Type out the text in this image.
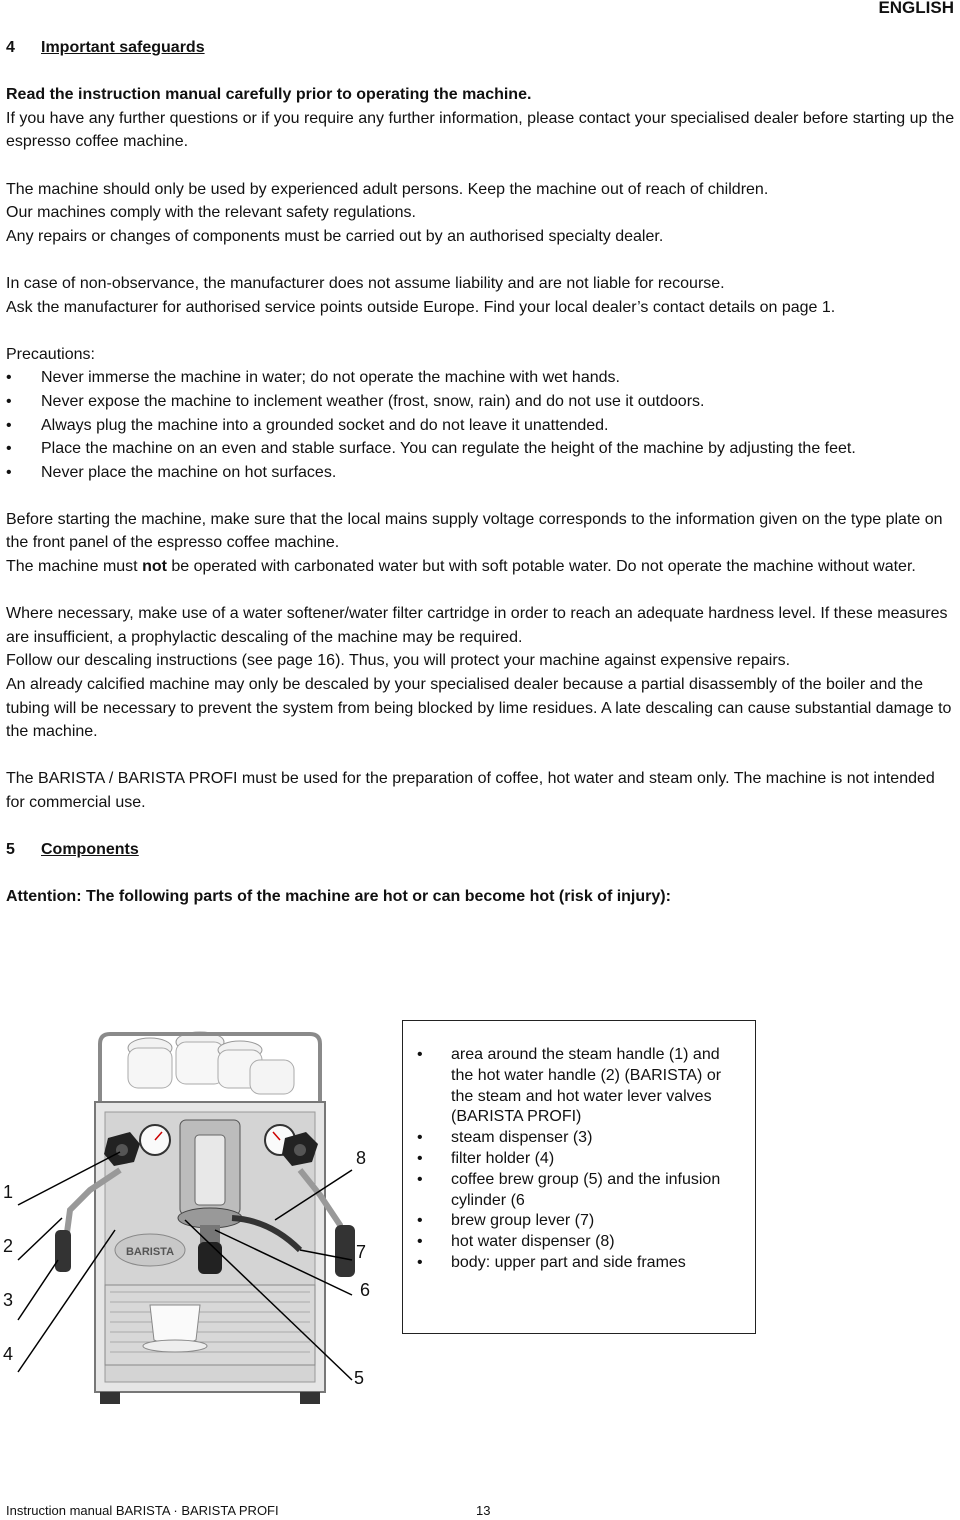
ENGLISH
4 Important safeguards

Read the instruction manual carefully prior to operating the machine.
If you have any further questions or if you require any further information, please contact your specialised dealer before starting up the espresso coffee machine.

The machine should only be used by experienced adult persons. Keep the machine out of reach of children.
Our machines comply with the relevant safety regulations.
Any repairs or changes of components must be carried out by an authorised specialty dealer.

In case of non-observance, the manufacturer does not assume liability and are not liable for recourse.
Ask the manufacturer for authorised service points outside Europe. Find your local dealer’s contact details on page 1.

Precautions:

• Never immerse the machine in water; do not operate the machine with wet hands.
• Never expose the machine to inclement weather (frost, snow, rain) and do not use it outdoors.
• Always plug the machine into a grounded socket and do not leave it unattended.
• Place the machine on an even and stable surface. You can regulate the height of the machine by adjusting the feet.
• Never place the machine on hot surfaces.

Before starting the machine, make sure that the local mains supply voltage corresponds to the information given on the type plate on the front panel of the espresso coffee machine.
The machine must not be operated with carbonated water but with soft potable water. Do not operate the machine without water.

Where necessary, make use of a water softener/water filter cartridge in order to reach an adequate hardness level. If these measures are insufficient, a prophylactic descaling of the machine may be required.
Follow our descaling instructions (see page 16). Thus, you will protect your machine against expensive repairs.
An already calcified machine may only be descaled by your specialised dealer because a partial disassembly of the boiler and the tubing will be necessary to prevent the system from being blocked by lime residues. A late descaling can cause substantial damage to the machine.

The BARISTA / BARISTA PROFI must be used for the preparation of coffee, hot water and steam only. The machine is not intended for commercial use.

5 Components

Attention: The following parts of the machine are hot or can become hot (risk of injury):

BARISTA
1
2
3
4
5
6
7
8
• area around the steam handle (1) and the hot water handle (2) (BARISTA) or the steam and hot water lever valves (BARISTA PROFI)
• steam dispenser (3)
• filter holder (4)
• coffee brew group (5) and the infusion cylinder (6
• brew group lever (7)
• hot water dispenser (8)
• body: upper part and side frames
Instruction manual BARISTA · BARISTA PROFI	13
